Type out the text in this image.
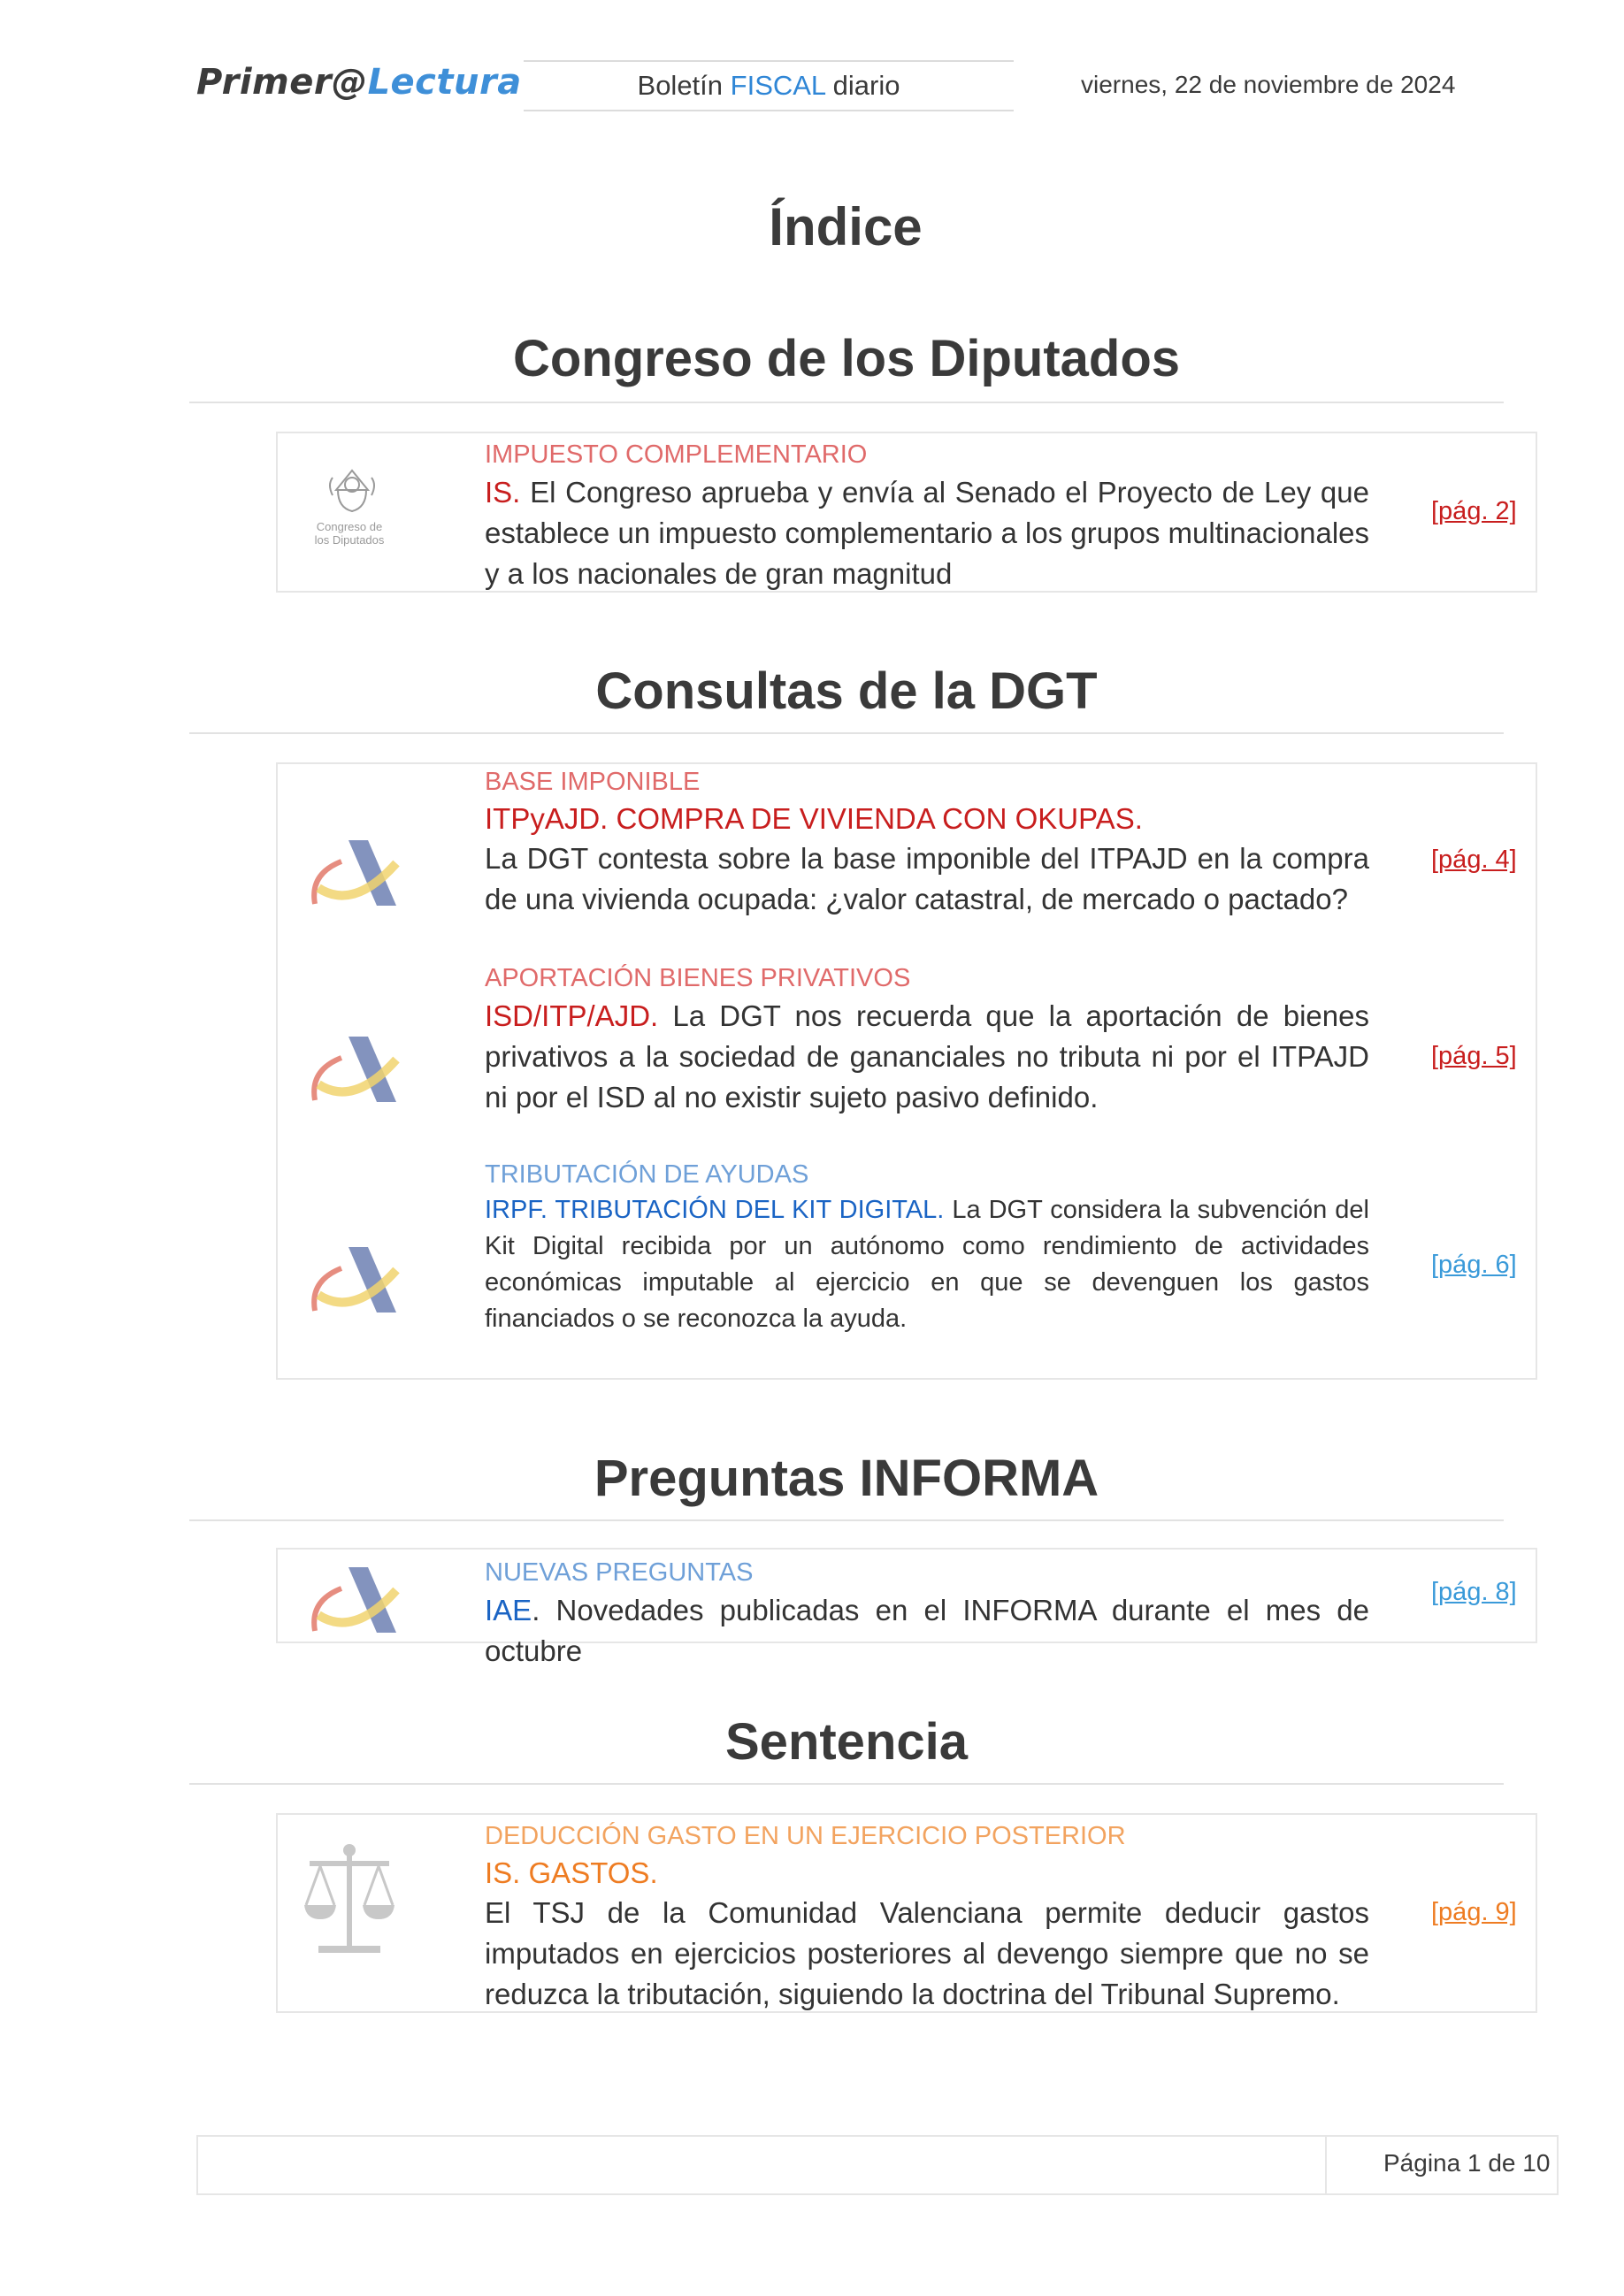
Primer@Lectura	Boletín FISCAL diario	viernes, 22 de noviembre de 2024
Índice
Congreso de los Diputados
Congreso de
los Diputados
IMPUESTO COMPLEMENTARIO
IS. El Congreso aprueba y envía al Senado el Proyecto de Ley que establece un impuesto complementario a los grupos multinacionales y a los nacionales de gran magnitud
[pág. 2]
Consultas de la DGT
BASE IMPONIBLE
ITPyAJD. COMPRA DE VIVIENDA CON OKUPAS.
La DGT contesta sobre la base imponible del ITPAJD en la compra de una vivienda ocupada: ¿valor catastral, de mercado o pactado?
[pág. 4]
APORTACIÓN BIENES PRIVATIVOS
ISD/ITP/AJD. La DGT nos recuerda que la aportación de bienes privativos a la sociedad de gananciales no tributa ni por el ITPAJD ni por el ISD al no existir sujeto pasivo definido.
[pág. 5]
TRIBUTACIÓN DE AYUDAS
IRPF. TRIBUTACIÓN DEL KIT DIGITAL. La DGT considera la subvención del Kit Digital recibida por un autónomo como rendimiento de actividades económicas imputable al ejercicio en que se devenguen los gastos financiados o se reconozca la ayuda.
[pág. 6]
Preguntas INFORMA
NUEVAS PREGUNTAS
IAE. Novedades publicadas en el INFORMA durante el mes de octubre
[pág. 8]
Sentencia
DEDUCCIÓN GASTO EN UN EJERCICIO POSTERIOR
IS. GASTOS.
El TSJ de la Comunidad Valenciana permite deducir gastos imputados en ejercicios posteriores al devengo siempre que no se reduzca la tributación, siguiendo la doctrina del Tribunal Supremo.
[pág. 9]
Página 1 de 10
